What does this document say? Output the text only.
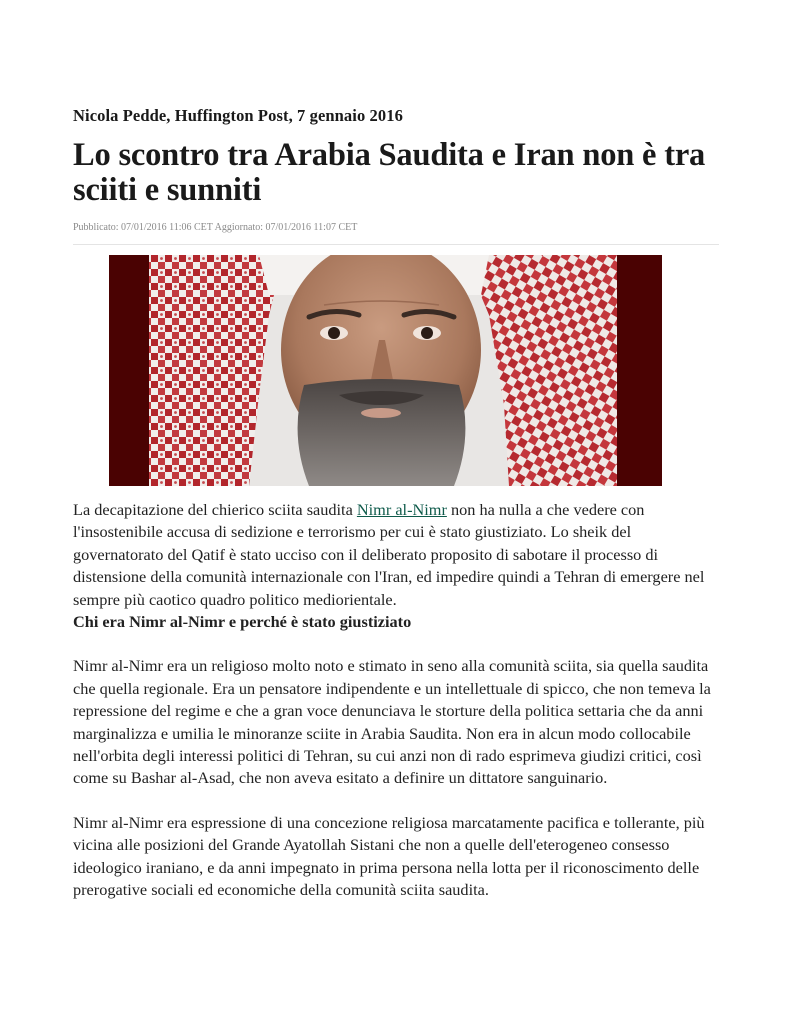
Nicola Pedde, Huffington Post, 7 gennaio 2016

Lo scontro tra Arabia Saudita e Iran non è tra sciiti e sunniti
Pubblicato: 07/01/2016 11:06 CET Aggiornato: 07/01/2016 11:07 CET

La decapitazione del chierico sciita saudita Nimr al-Nimr non ha nulla a che vedere con l'insostenibile accusa di sedizione e terrorismo per cui è stato giustiziato. Lo sheik del governatorato del Qatif è stato ucciso con il deliberato proposito di sabotare il processo di distensione della comunità internazionale con l'Iran, ed impedire quindi a Tehran di emergere nel sempre più caotico quadro politico mediorientale.

Chi era Nimr al-Nimr e perché è stato giustiziato

Nimr al-Nimr era un religioso molto noto e stimato in seno alla comunità sciita, sia quella saudita che quella regionale. Era un pensatore indipendente e un intellettuale di spicco, che non temeva la repressione del regime e che a gran voce denunciava le storture della politica settaria che da anni marginalizza e umilia le minoranze sciite in Arabia Saudita. Non era in alcun modo collocabile nell'orbita degli interessi politici di Tehran, su cui anzi non di rado esprimeva giudizi critici, così come su Bashar al-Asad, che non aveva esitato a definire un dittatore sanguinario.

Nimr al-Nimr era espressione di una concezione religiosa marcatamente pacifica e tollerante, più vicina alle posizioni del Grande Ayatollah Sistani che non a quelle dell'eterogeneo consesso ideologico iraniano, e da anni impegnato in prima persona nella lotta per il riconoscimento delle prerogative sociali ed economiche della comunità sciita saudita.
